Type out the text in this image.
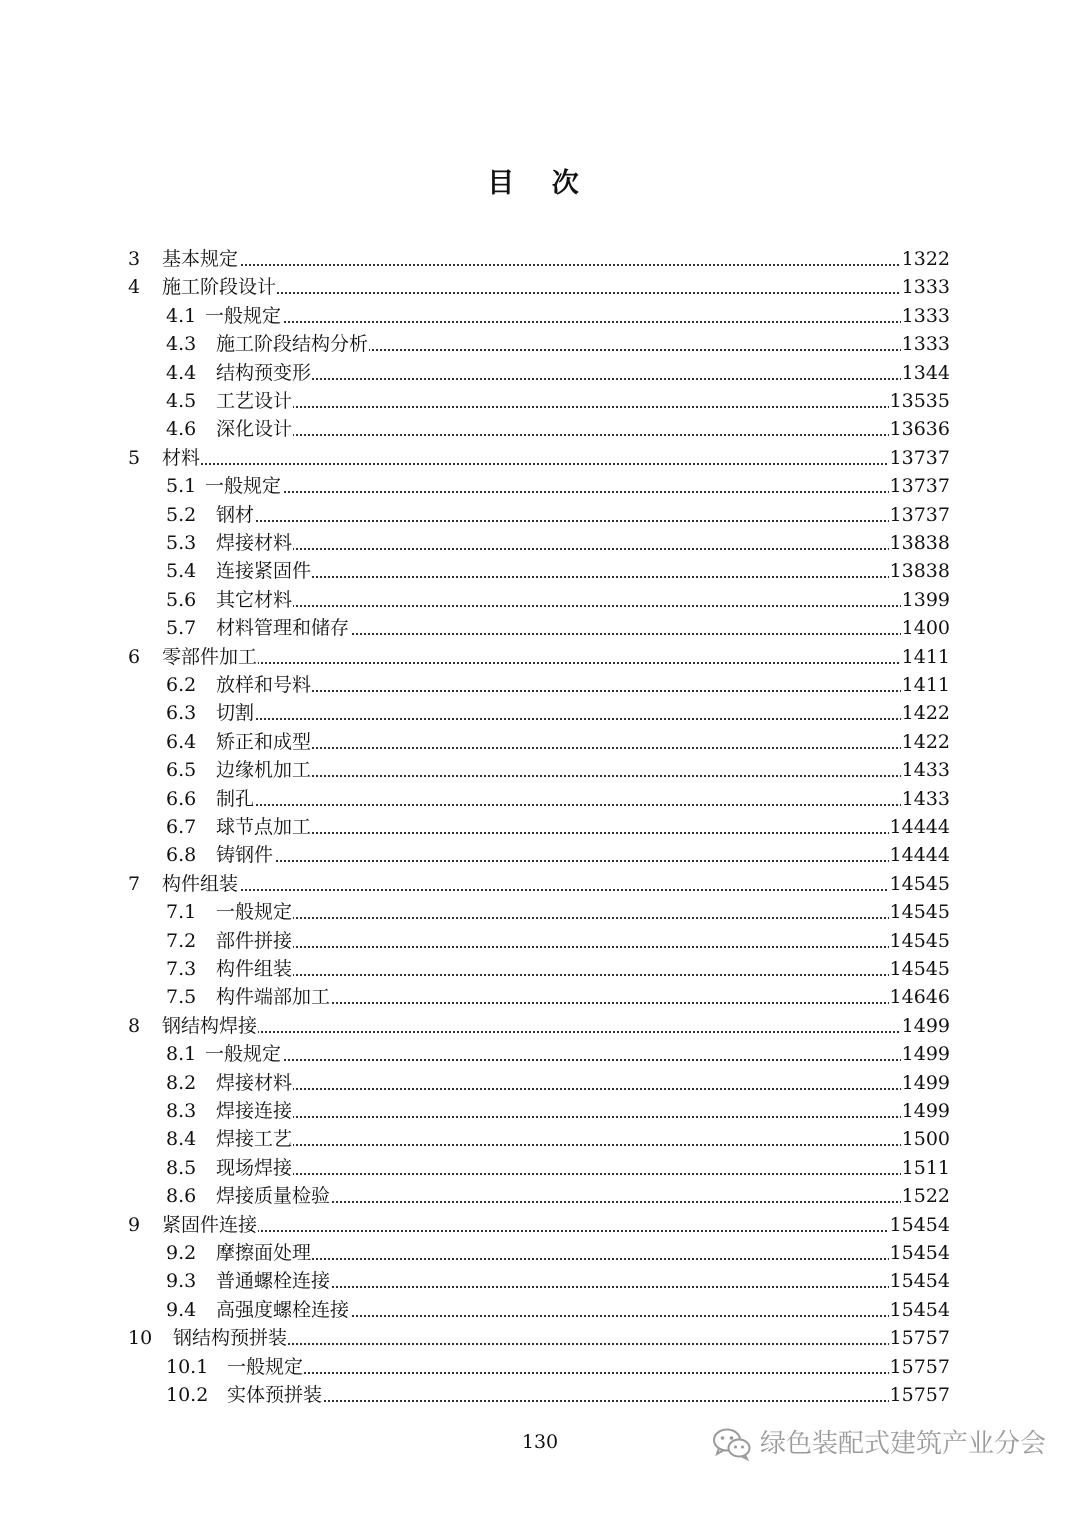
目 次
3 基本规定	1322
4 施工阶段设计	1333
4.1 一般规定	1333
4.3 施工阶段结构分析	1333
4.4 结构预变形	1344
4.5 工艺设计	13535
4.6 深化设计	13636
5 材料	13737
5.1 一般规定	13737
5.2 钢材	13737
5.3 焊接材料	13838
5.4 连接紧固件	13838
5.6 其它材料	1399
5.7 材料管理和储存	1400
6 零部件加工	1411
6.2 放样和号料	1411
6.3 切割	1422
6.4 矫正和成型	1422
6.5 边缘机加工	1433
6.6 制孔	1433
6.7 球节点加工	14444
6.8 铸钢件	14444
7 构件组装	14545
7.1 一般规定	14545
7.2 部件拼接	14545
7.3 构件组装	14545
7.5 构件端部加工	14646
8 钢结构焊接	1499
8.1 一般规定	1499
8.2 焊接材料	1499
8.3 焊接连接	1499
8.4 焊接工艺	1500
8.5 现场焊接	1511
8.6 焊接质量检验	1522
9 紧固件连接	15454
9.2 摩擦面处理	15454
9.3 普通螺栓连接	15454
9.4 高强度螺栓连接	15454
10 钢结构预拼装	15757
10.1 一般规定	15757
10.2 实体预拼装	15757
130	绿色装配式建筑产业分会
